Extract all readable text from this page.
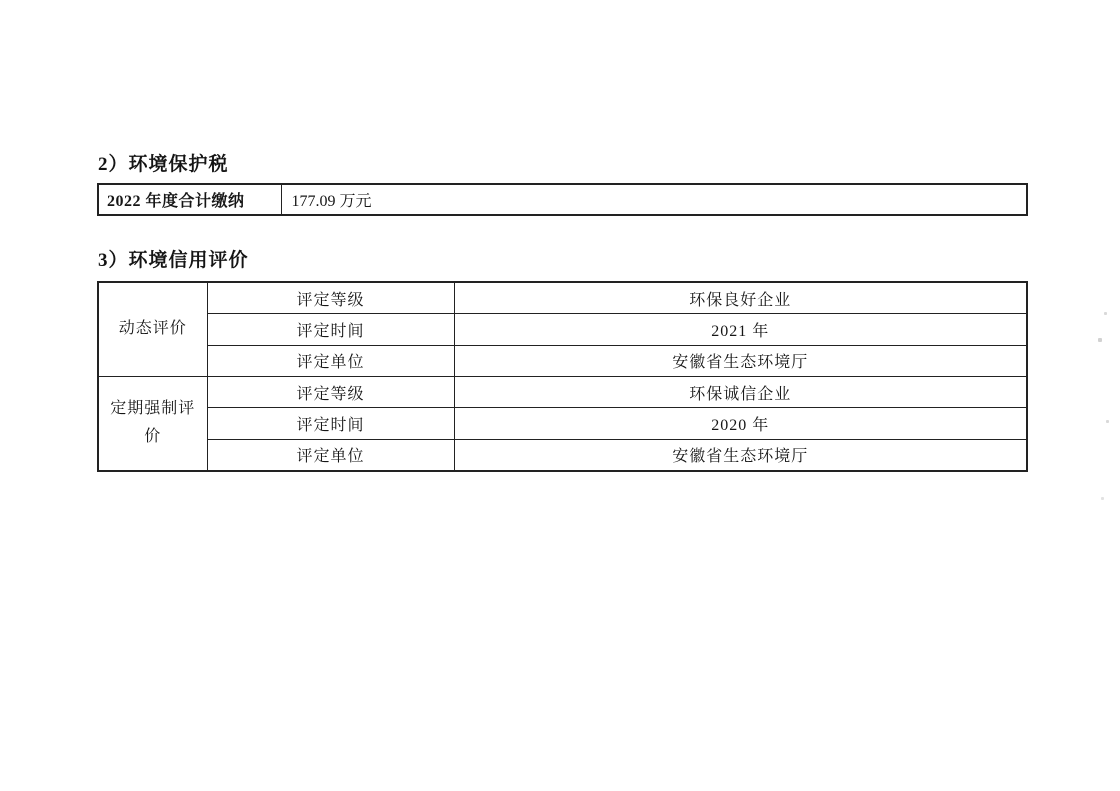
2）环境保护税
2022 年度合计缴纳	177.09 万元
3）环境信用评价
动态评价	评定等级	环保良好企业
	评定时间	2021 年
	评定单位	安徽省生态环境厅
定期强制评价	评定等级	环保诚信企业
	评定时间	2020 年
	评定单位	安徽省生态环境厅
